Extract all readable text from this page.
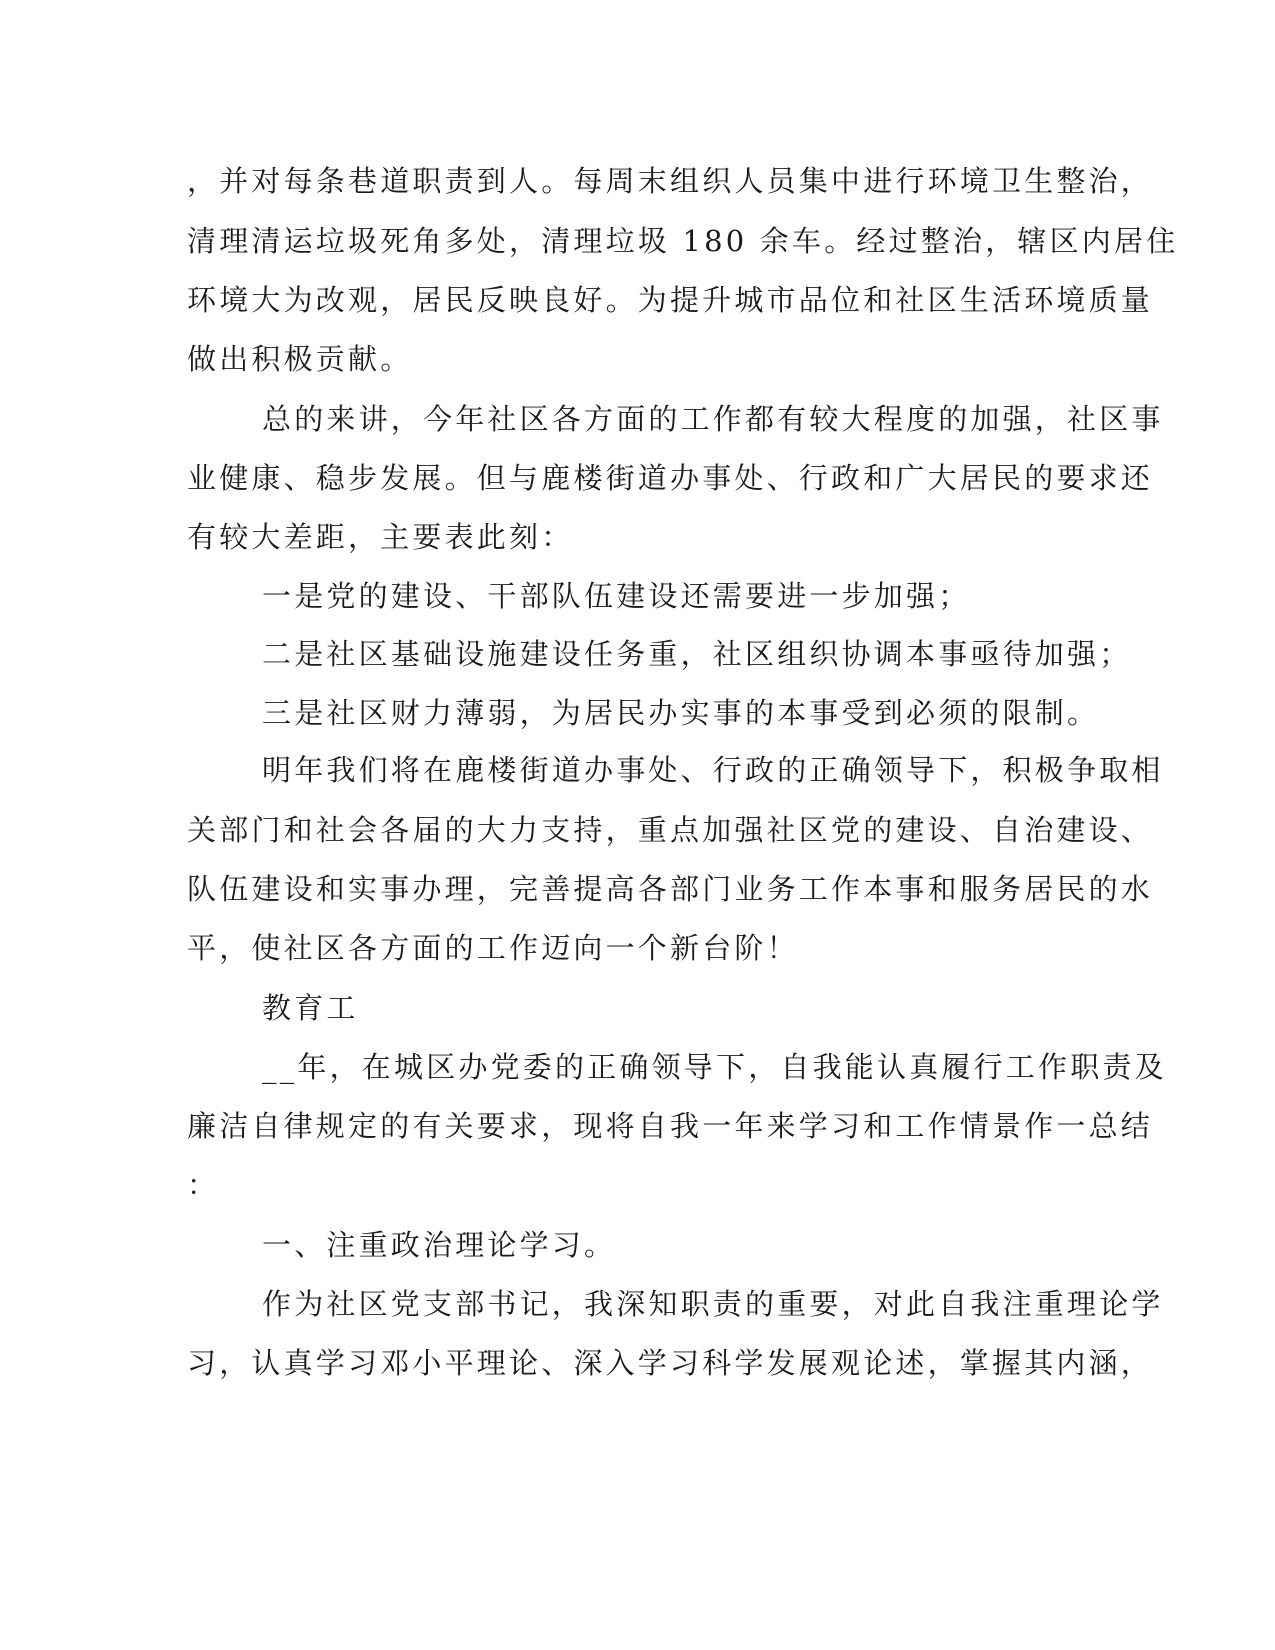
，并对每条巷道职责到人。每周末组织人员集中进行环境卫生整治，
清理清运垃圾死角多处，清理垃圾 180 余车。经过整治，辖区内居住
环境大为改观，居民反映良好。为提升城市品位和社区生活环境质量
做出积极贡献。
总的来讲，今年社区各方面的工作都有较大程度的加强，社区事
业健康、稳步发展。但与鹿楼街道办事处、行政和广大居民的要求还
有较大差距，主要表此刻：
一是党的建设、干部队伍建设还需要进一步加强；
二是社区基础设施建设任务重，社区组织协调本事亟待加强；
三是社区财力薄弱，为居民办实事的本事受到必须的限制。
明年我们将在鹿楼街道办事处、行政的正确领导下，积极争取相
关部门和社会各届的大力支持，重点加强社区党的建设、自治建设、
队伍建设和实事办理，完善提高各部门业务工作本事和服务居民的水
平，使社区各方面的工作迈向一个新台阶！
教育工
__年，在城区办党委的正确领导下，自我能认真履行工作职责及
廉洁自律规定的有关要求，现将自我一年来学习和工作情景作一总结
：
一、注重政治理论学习。
作为社区党支部书记，我深知职责的重要，对此自我注重理论学
习，认真学习邓小平理论、深入学习科学发展观论述，掌握其内涵，
